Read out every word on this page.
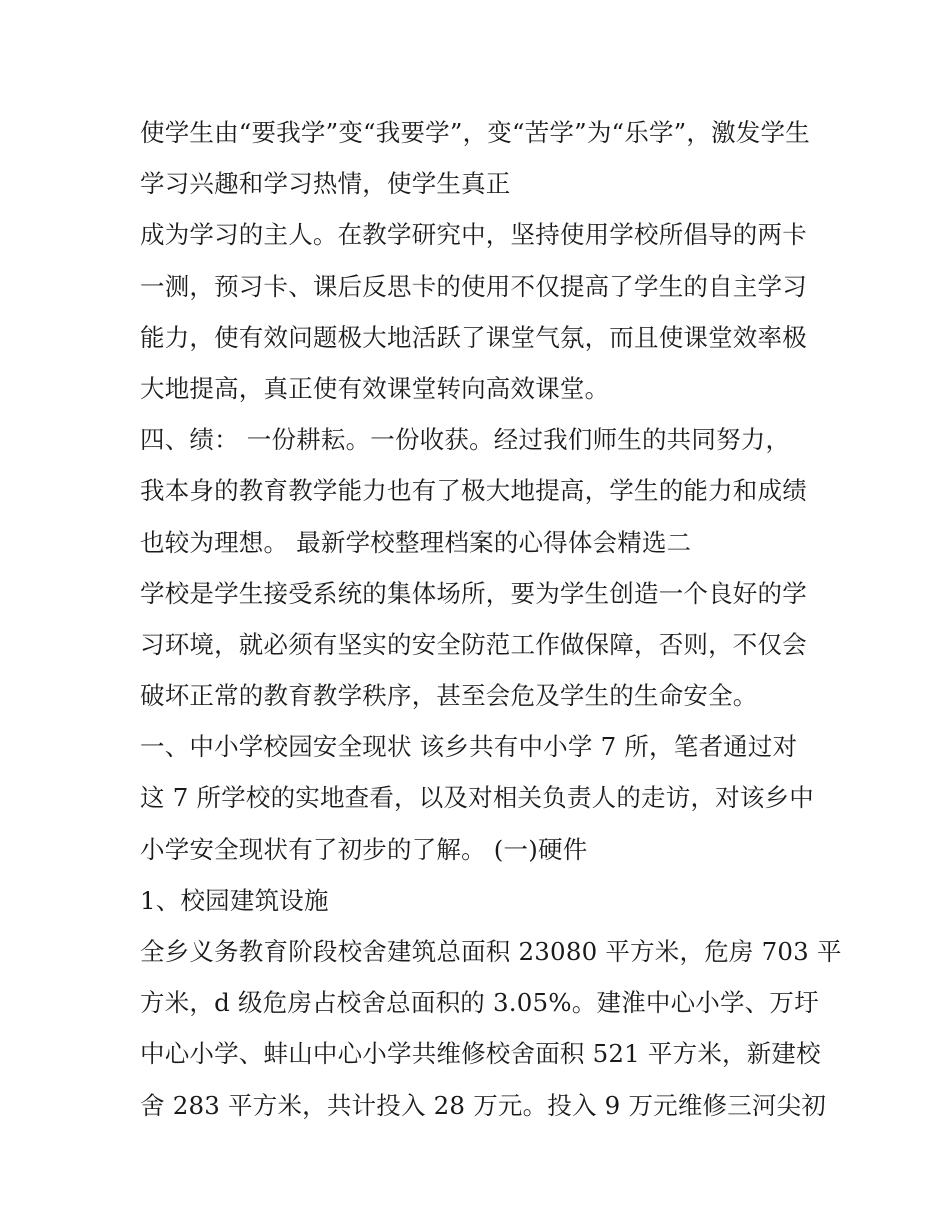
使学生由“要我学”变“我要学”，变“苦学”为“乐学”，激发学生
学习兴趣和学习热情，使学生真正
成为学习的主人。在教学研究中，坚持使用学校所倡导的两卡
一测，预习卡、课后反思卡的使用不仅提高了学生的自主学习
能力，使有效问题极大地活跃了课堂气氛，而且使课堂效率极
大地提高，真正使有效课堂转向高效课堂。
四、绩： 一份耕耘。一份收获。经过我们师生的共同努力，
我本身的教育教学能力也有了极大地提高，学生的能力和成绩
也较为理想。 最新学校整理档案的心得体会精选二
学校是学生接受系统的集体场所，要为学生创造一个良好的学
习环境，就必须有坚实的安全防范工作做保障，否则，不仅会
破坏正常的教育教学秩序，甚至会危及学生的生命安全。
一、中小学校园安全现状 该乡共有中小学 7 所，笔者通过对
这 7 所学校的实地查看，以及对相关负责人的走访，对该乡中
小学安全现状有了初步的了解。 (一)硬件
1、校园建筑设施
全乡义务教育阶段校舍建筑总面积 23080 平方米，危房 703 平
方米，d 级危房占校舍总面积的 3.05%。建淮中心小学、万圩
中心小学、蚌山中心小学共维修校舍面积 521 平方米，新建校
舍 283 平方米，共计投入 28 万元。投入 9 万元维修三河尖初
